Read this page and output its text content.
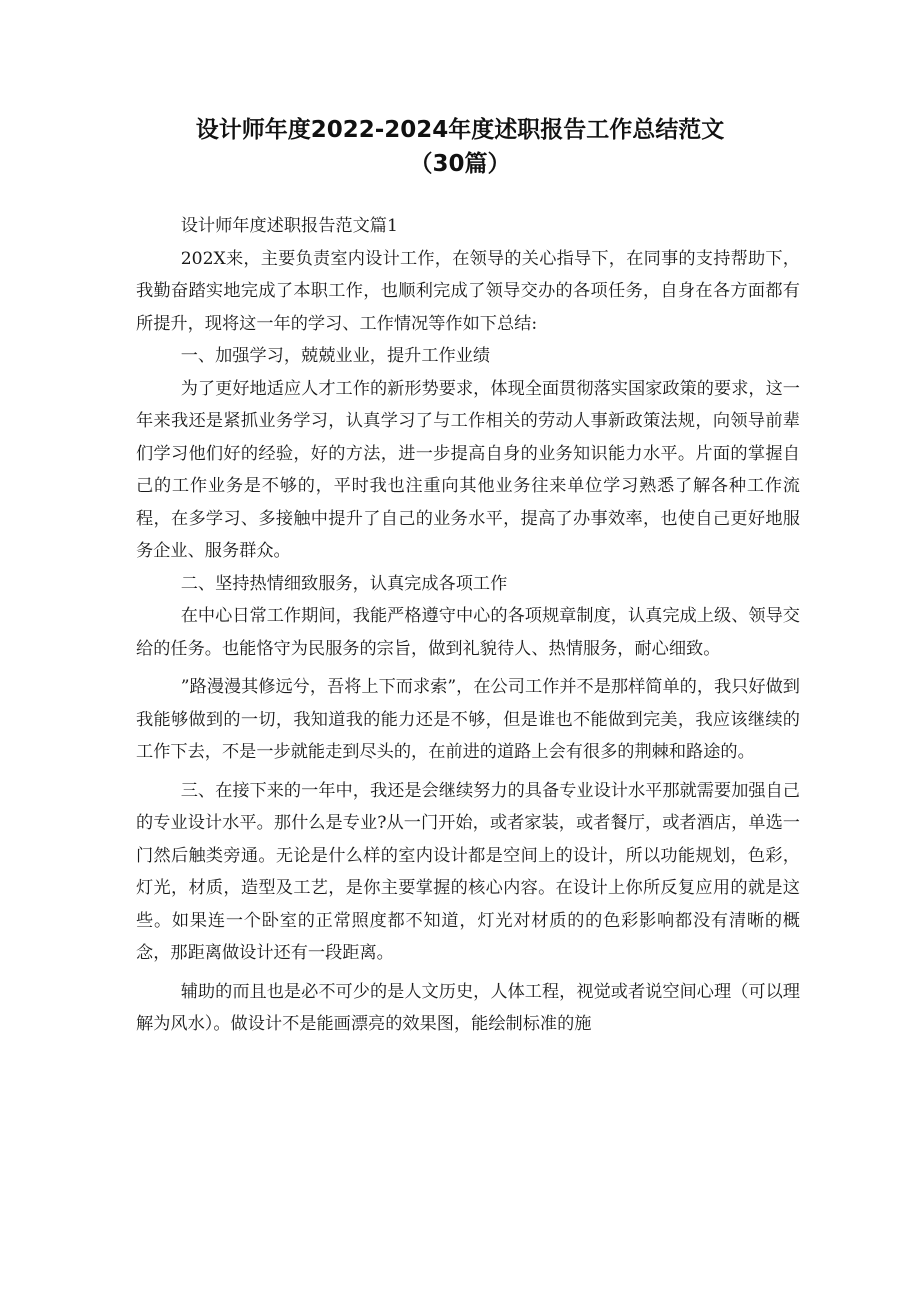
设计师年度2022-2024年度述职报告工作总结范文
（30篇）

设计师年度述职报告范文篇1

202X来，主要负责室内设计工作，在领导的关心指导下，在同事的支持帮助下，我勤奋踏实地完成了本职工作，也顺利完成了领导交办的各项任务，自身在各方面都有所提升，现将这一年的学习、工作情况等作如下总结:

一、加强学习，兢兢业业，提升工作业绩

为了更好地适应人才工作的新形势要求，体现全面贯彻落实国家政策的要求，这一年来我还是紧抓业务学习，认真学习了与工作相关的劳动人事新政策法规，向领导前辈们学习他们好的经验，好的方法，进一步提高自身的业务知识能力水平。片面的掌握自己的工作业务是不够的，平时我也注重向其他业务往来单位学习熟悉了解各种工作流程，在多学习、多接触中提升了自己的业务水平，提高了办事效率，也使自己更好地服务企业、服务群众。

二、坚持热情细致服务，认真完成各项工作

在中心日常工作期间，我能严格遵守中心的各项规章制度，认真完成上级、领导交给的任务。也能恪守为民服务的宗旨，做到礼貌待人、热情服务，耐心细致。

”路漫漫其修远兮，吾将上下而求索”，在公司工作并不是那样简单的，我只好做到我能够做到的一切，我知道我的能力还是不够，但是谁也不能做到完美，我应该继续的工作下去，不是一步就能走到尽头的，在前进的道路上会有很多的荆棘和路途的。

三、在接下来的一年中，我还是会继续努力的具备专业设计水平那就需要加强自己的专业设计水平。那什么是专业?从一门开始，或者家装，或者餐厅，或者酒店，单选一门然后触类旁通。无论是什么样的室内设计都是空间上的设计，所以功能规划，色彩，灯光，材质，造型及工艺，是你主要掌握的核心内容。在设计上你所反复应用的就是这些。如果连一个卧室的正常照度都不知道，灯光对材质的的色彩影响都没有清晰的概念，那距离做设计还有一段距离。

辅助的而且也是必不可少的是人文历史，人体工程，视觉或者说空间心理（可以理解为风水）。做设计不是能画漂亮的效果图，能绘制标准的施
